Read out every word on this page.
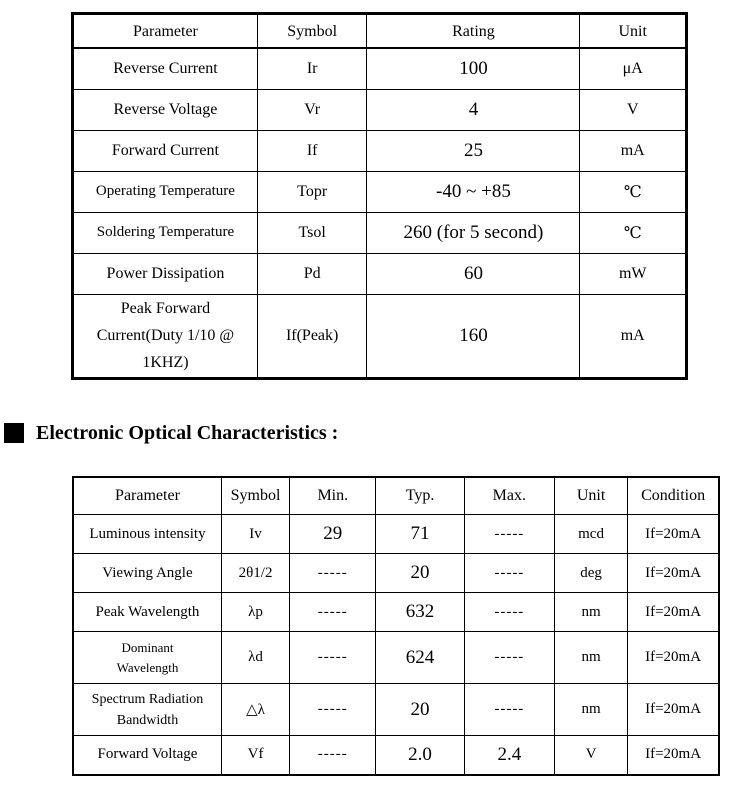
Parameter	Symbol	Rating	Unit
Reverse Current	Ir	100	μA
Reverse Voltage	Vr	4	V
Forward Current	If	25	mA
Operating Temperature	Topr	-40 ~ +85	℃
Soldering Temperature	Tsol	260 (for 5 second)	℃
Power Dissipation	Pd	60	mW
Peak Forward Current(Duty 1/10 @ 1KHZ)	If(Peak)	160	mA
Electronic Optical Characteristics :
Parameter	Symbol	Min.	Typ.	Max.	Unit	Condition
Luminous intensity	Iv	29	71	-----	mcd	If=20mA
Viewing Angle	2θ1/2	-----	20	-----	deg	If=20mA
Peak Wavelength	λp	-----	632	-----	nm	If=20mA
Dominant Wavelength	λd	-----	624	-----	nm	If=20mA
Spectrum Radiation Bandwidth	△λ	-----	20	-----	nm	If=20mA
Forward Voltage	Vf	-----	2.0	2.4	V	If=20mA
